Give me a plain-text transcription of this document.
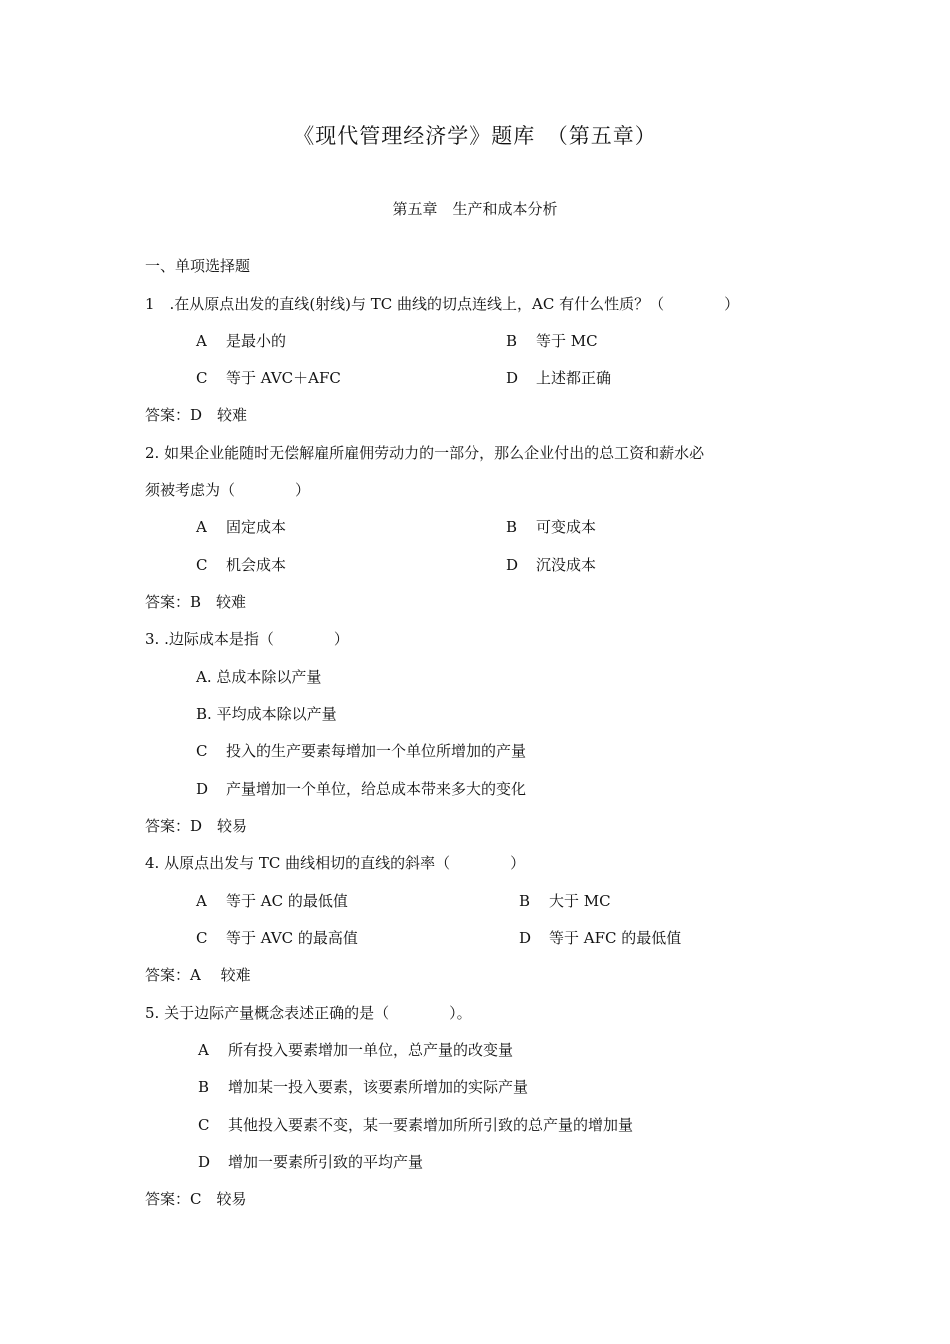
《现代管理经济学》题库　（第五章）
第五章　生产和成本分析
一、单项选择题
1　.在从原点出发的直线(射线)与 TC 曲线的切点连线上，AC 有什么性质？（　　　　）
A 是最小的	B 等于 MC
C 等于 AVC＋AFC	D 上述都正确
答案：D　较难
2. 如果企业能随时无偿解雇所雇佣劳动力的一部分，那么企业付出的总工资和薪水必
须被考虑为（　　　　）
A 固定成本	B 可变成本
C 机会成本	D 沉没成本
答案：B　较难
3. .边际成本是指（　　　　）
A. 总成本除以产量
B. 平均成本除以产量
C 投入的生产要素每增加一个单位所增加的产量
D 产量增加一个单位，给总成本带来多大的变化
答案：D　较易
4. 从原点出发与 TC 曲线相切的直线的斜率（　　　　）
A 等于 AC 的最低值	B 大于 MC
C 等于 AVC 的最高值	D 等于 AFC 的最低值
答案：A　 较难
5. 关于边际产量概念表述正确的是（　　　　）。
A 所有投入要素增加一单位，总产量的改变量
B 增加某一投入要素，该要素所增加的实际产量
C 其他投入要素不变，某一要素增加所所引致的总产量的增加量
D 增加一要素所引致的平均产量
答案：C　较易
